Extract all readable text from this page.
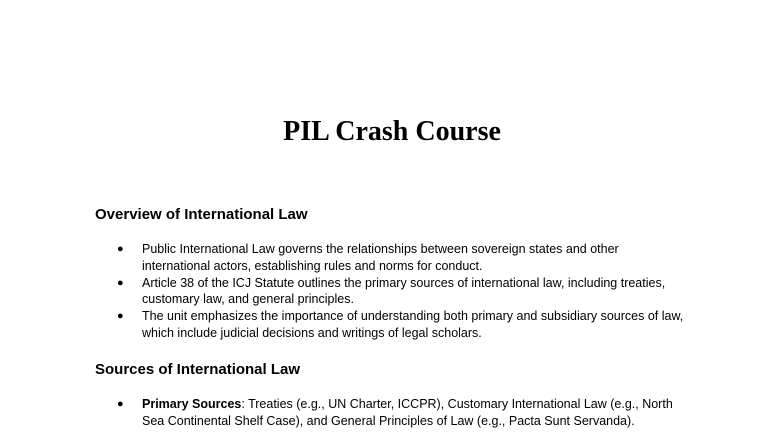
PIL Crash Course
Overview of International Law
● Public International Law governs the relationships between sovereign states and other international actors, establishing rules and norms for conduct.
● Article 38 of the ICJ Statute outlines the primary sources of international law, including treaties, customary law, and general principles.
● The unit emphasizes the importance of understanding both primary and subsidiary sources of law, which include judicial decisions and writings of legal scholars.
Sources of International Law
● Primary Sources: Treaties (e.g., UN Charter, ICCPR), Customary International Law (e.g., North Sea Continental Shelf Case), and General Principles of Law (e.g., Pacta Sunt Servanda).
